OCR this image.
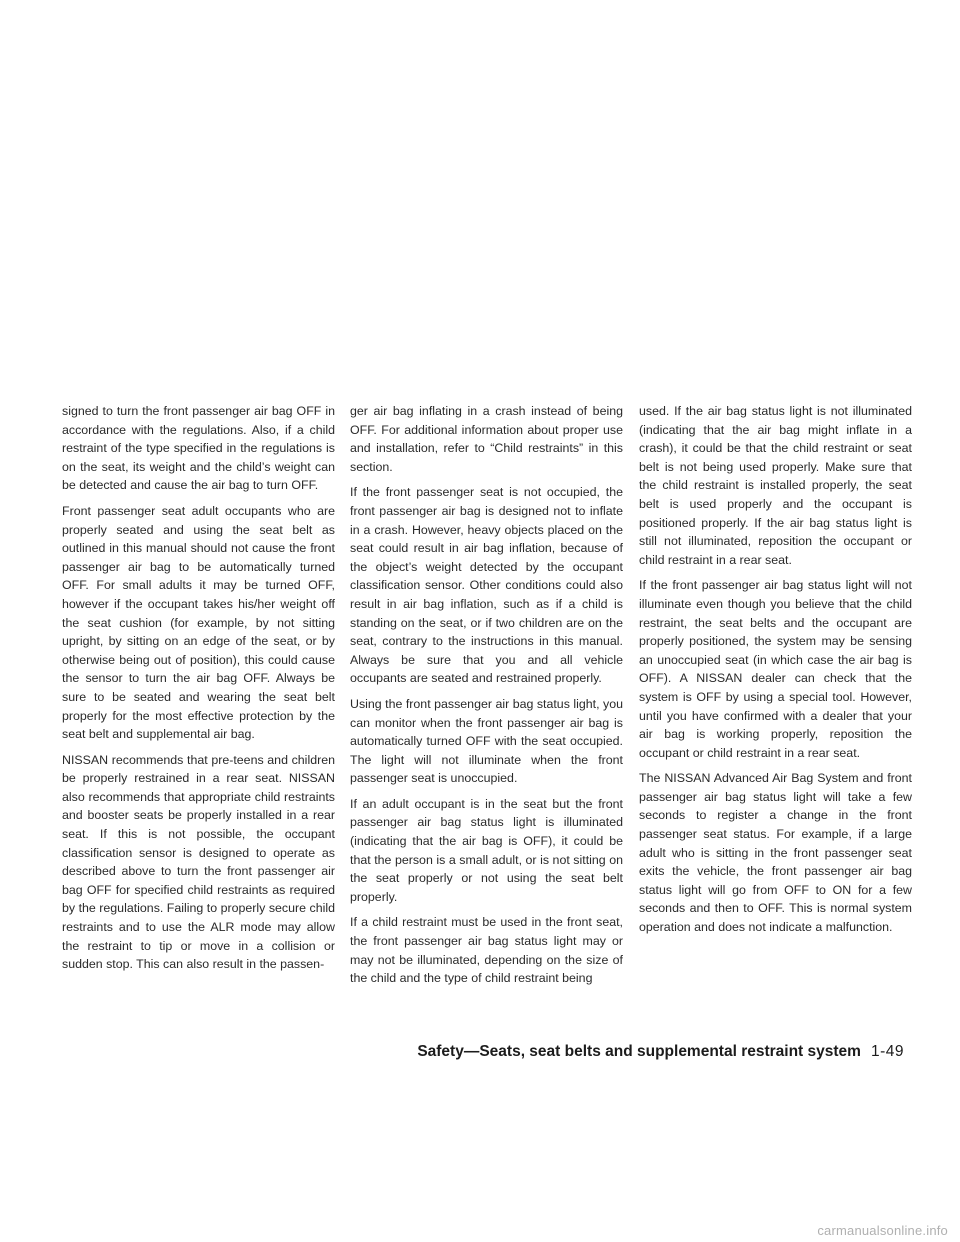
signed to turn the front passenger air bag OFF in accordance with the regulations. Also, if a child restraint of the type specified in the regulations is on the seat, its weight and the child’s weight can be detected and cause the air bag to turn OFF.

Front passenger seat adult occupants who are properly seated and using the seat belt as outlined in this manual should not cause the front passenger air bag to be automatically turned OFF. For small adults it may be turned OFF, however if the occupant takes his/her weight off the seat cushion (for example, by not sitting upright, by sitting on an edge of the seat, or by otherwise being out of position), this could cause the sensor to turn the air bag OFF. Always be sure to be seated and wearing the seat belt properly for the most effective protection by the seat belt and supplemental air bag.

NISSAN recommends that pre-teens and children be properly restrained in a rear seat. NISSAN also recommends that appropriate child restraints and booster seats be properly installed in a rear seat. If this is not possible, the occupant classification sensor is designed to operate as described above to turn the front passenger air bag OFF for specified child restraints as required by the regulations. Failing to properly secure child restraints and to use the ALR mode may allow the restraint to tip or move in a collision or sudden stop. This can also result in the passen-

ger air bag inflating in a crash instead of being OFF. For additional information about proper use and installation, refer to “Child restraints” in this section.

If the front passenger seat is not occupied, the front passenger air bag is designed not to inflate in a crash. However, heavy objects placed on the seat could result in air bag inflation, because of the object’s weight detected by the occupant classification sensor. Other conditions could also result in air bag inflation, such as if a child is standing on the seat, or if two children are on the seat, contrary to the instructions in this manual. Always be sure that you and all vehicle occupants are seated and restrained properly.

Using the front passenger air bag status light, you can monitor when the front passenger air bag is automatically turned OFF with the seat occupied. The light will not illuminate when the front passenger seat is unoccupied.

If an adult occupant is in the seat but the front passenger air bag status light is illuminated (indicating that the air bag is OFF), it could be that the person is a small adult, or is not sitting on the seat properly or not using the seat belt properly.

If a child restraint must be used in the front seat, the front passenger air bag status light may or may not be illuminated, depending on the size of the child and the type of child restraint being

used. If the air bag status light is not illuminated (indicating that the air bag might inflate in a crash), it could be that the child restraint or seat belt is not being used properly. Make sure that the child restraint is installed properly, the seat belt is used properly and the occupant is positioned properly. If the air bag status light is still not illuminated, reposition the occupant or child restraint in a rear seat.

If the front passenger air bag status light will not illuminate even though you believe that the child restraint, the seat belts and the occupant are properly positioned, the system may be sensing an unoccupied seat (in which case the air bag is OFF). A NISSAN dealer can check that the system is OFF by using a special tool. However, until you have confirmed with a dealer that your air bag is working properly, reposition the occupant or child restraint in a rear seat.

The NISSAN Advanced Air Bag System and front passenger air bag status light will take a few seconds to register a change in the front passenger seat status. For example, if a large adult who is sitting in the front passenger seat exits the vehicle, the front passenger air bag status light will go from OFF to ON for a few seconds and then to OFF. This is normal system operation and does not indicate a malfunction.

Safety—Seats, seat belts and supplemental restraint system 1-49
carmanualsonline.info
